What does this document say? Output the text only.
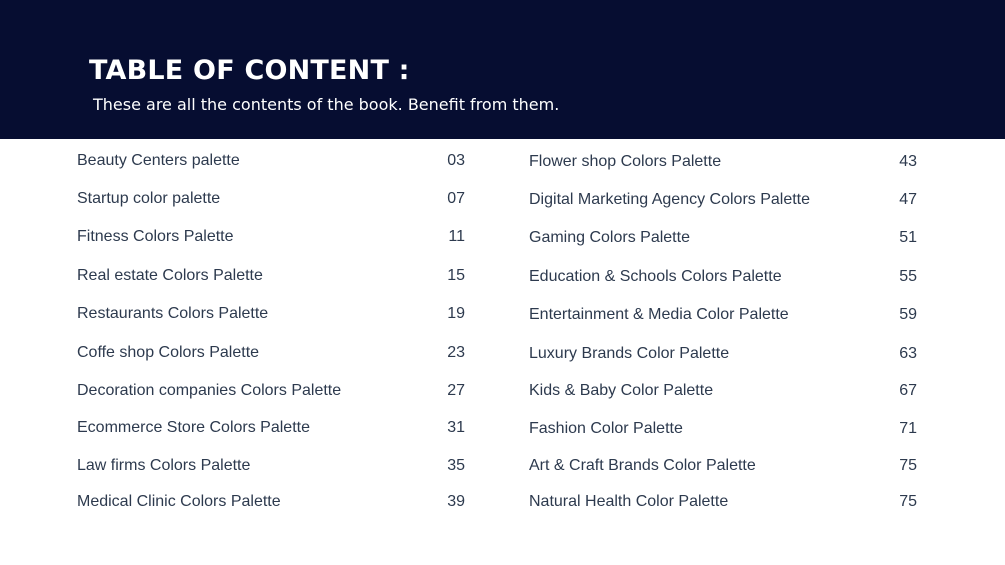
TABLE OF CONTENT :

These are all the contents of the book. Benefit from them.

Beauty Centers palette	03
Startup color palette	07
Fitness Colors Palette	11
Real estate Colors Palette	15
Restaurants Colors Palette	19
Coffe shop Colors Palette	23
Decoration companies Colors Palette	27
Ecommerce Store Colors Palette	31
Law firms Colors Palette	35
Medical Clinic Colors Palette	39
Flower shop Colors Palette	43
Digital Marketing Agency Colors Palette	47
Gaming Colors Palette	51
Education & Schools Colors Palette	55
Entertainment & Media Color Palette	59
Luxury Brands Color Palette	63
Kids & Baby Color Palette	67
Fashion Color Palette	71
Art & Craft Brands Color Palette	75
Natural Health Color Palette	75
